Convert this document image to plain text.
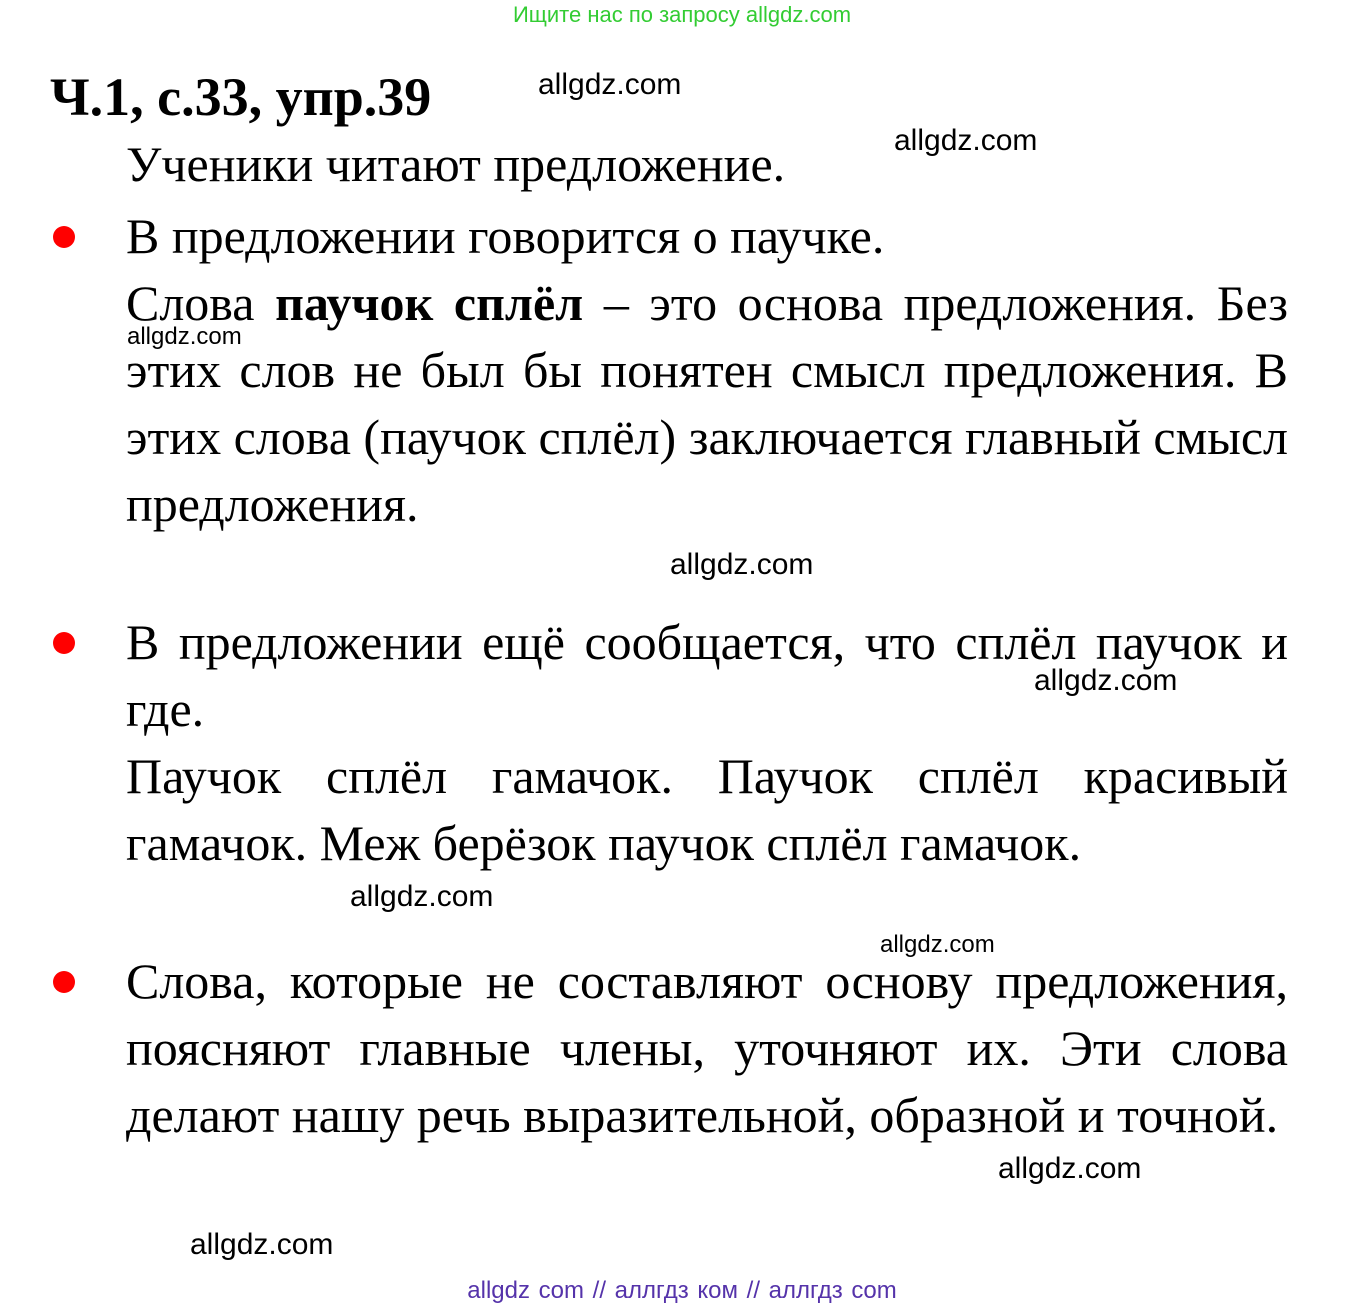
Ищите нас по запросу allgdz.com
Ч.1, с.33, упр.39	allgdz.com
Ученики читают предложение.	allgdz.com
В предложении говорится о паучке.
Слова паучок сплёл – это основа предложения. Без этих слов не был бы понятен смысл предложения. В этих слова (паучок сплёл) заключается главный смысл предложения.
allgdz.com
allgdz.com
В предложении ещё сообщается, что сплёл паучок и где.
allgdz.com
Паучок сплёл гамачок. Паучок сплёл красивый гамачок. Меж берёзок паучок сплёл гамачок.
allgdz.com
allgdz.com
Слова, которые не составляют основу предложения, поясняют главные члены, уточняют их. Эти слова делают нашу речь выразительной, образной и точной.
allgdz.com
allgdz.com
allgdz com // аллгдз ком // аллгдз com
